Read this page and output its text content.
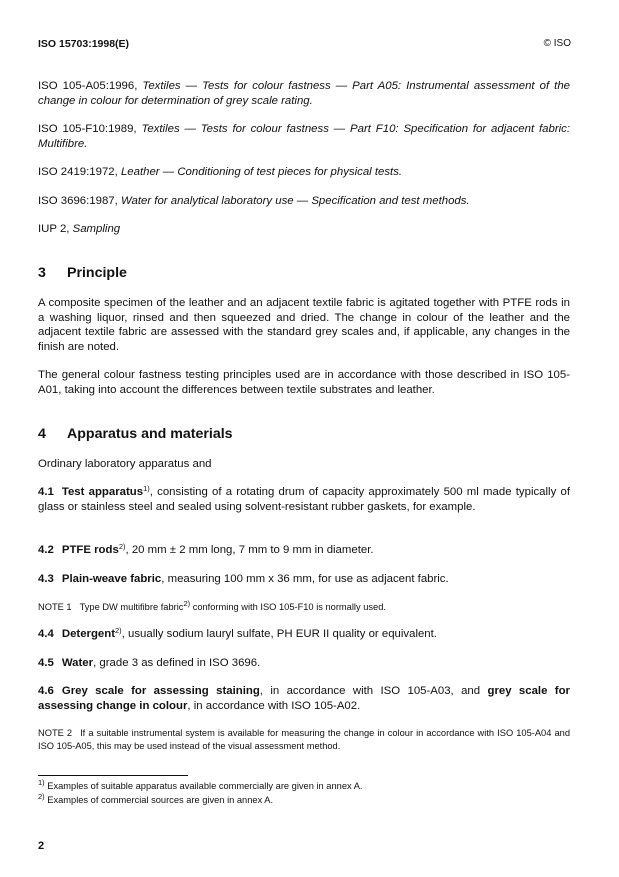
ISO 15703:1998(E)	© ISO
ISO 105-A05:1996, Textiles — Tests for colour fastness — Part A05: Instrumental assessment of the change in colour for determination of grey scale rating.
ISO 105-F10:1989, Textiles — Tests for colour fastness — Part F10: Specification for adjacent fabric: Multifibre.
ISO 2419:1972, Leather — Conditioning of test pieces for physical tests.
ISO 3696:1987, Water for analytical laboratory use — Specification and test methods.
IUP 2, Sampling
3 Principle
A composite specimen of the leather and an adjacent textile fabric is agitated together with PTFE rods in a washing liquor, rinsed and then squeezed and dried. The change in colour of the leather and the adjacent textile fabric are assessed with the standard grey scales and, if applicable, any changes in the finish are noted.
The general colour fastness testing principles used are in accordance with those described in ISO 105-A01, taking into account the differences between textile substrates and leather.
4 Apparatus and materials
Ordinary laboratory apparatus and
4.1 Test apparatus$^{1)}$, consisting of a rotating drum of capacity approximately 500 ml made typically of glass or stainless steel and sealed using solvent-resistant rubber gaskets, for example.
4.2 PTFE rods$^{2)}$, 20 mm ± 2 mm long, 7 mm to 9 mm in diameter.
4.3 Plain-weave fabric, measuring 100 mm x 36 mm, for use as adjacent fabric.
NOTE 1 Type DW multifibre fabric$^{2)}$ conforming with ISO 105-F10 is normally used.
4.4 Detergent$^{2)}$, usually sodium lauryl sulfate, PH EUR II quality or equivalent.
4.5 Water, grade 3 as defined in ISO 3696.
4.6 Grey scale for assessing staining, in accordance with ISO 105-A03, and grey scale for assessing change in colour, in accordance with ISO 105-A02.
NOTE 2 If a suitable instrumental system is available for measuring the change in colour in accordance with ISO 105-A04 and ISO 105-A05, this may be used instead of the visual assessment method.
$^{1)}$ Examples of suitable apparatus available commercially are given in annex A.
$^{2)}$ Examples of commercial sources are given in annex A.
2
